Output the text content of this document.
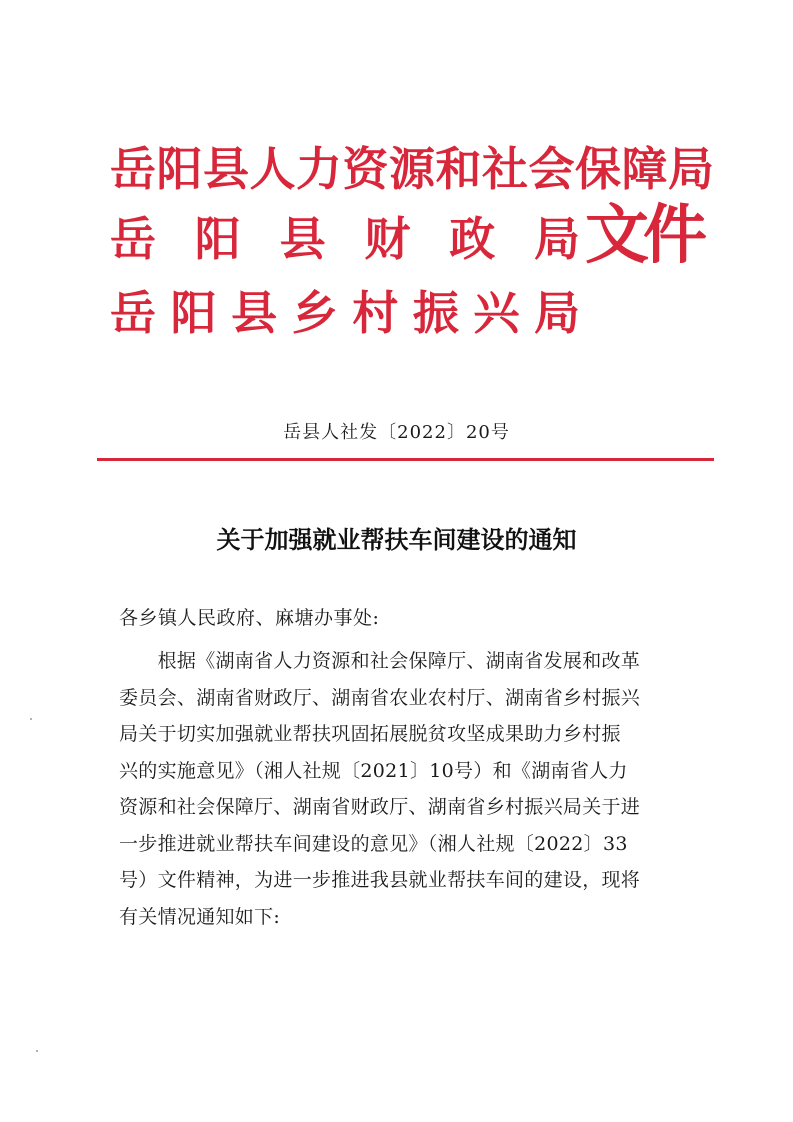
岳阳县人力资源和社会保障局
岳 阳 县 财 政 局
岳 阳 县 乡 村 振 兴 局
文件
岳县人社发〔2022〕20号
关于加强就业帮扶车间建设的通知
各乡镇人民政府、麻塘办事处:
　　根据《湖南省人力资源和社会保障厅、湖南省发展和改革
委员会、湖南省财政厅、湖南省农业农村厅、湖南省乡村振兴
局关于切实加强就业帮扶巩固拓展脱贫攻坚成果助力乡村振
兴的实施意见》（湘人社规〔2021〕10号）和《湖南省人力
资源和社会保障厅、湖南省财政厅、湖南省乡村振兴局关于进
一步推进就业帮扶车间建设的意见》（湘人社规〔2022〕33
号）文件精神，为进一步推进我县就业帮扶车间的建设，现将
有关情况通知如下:
